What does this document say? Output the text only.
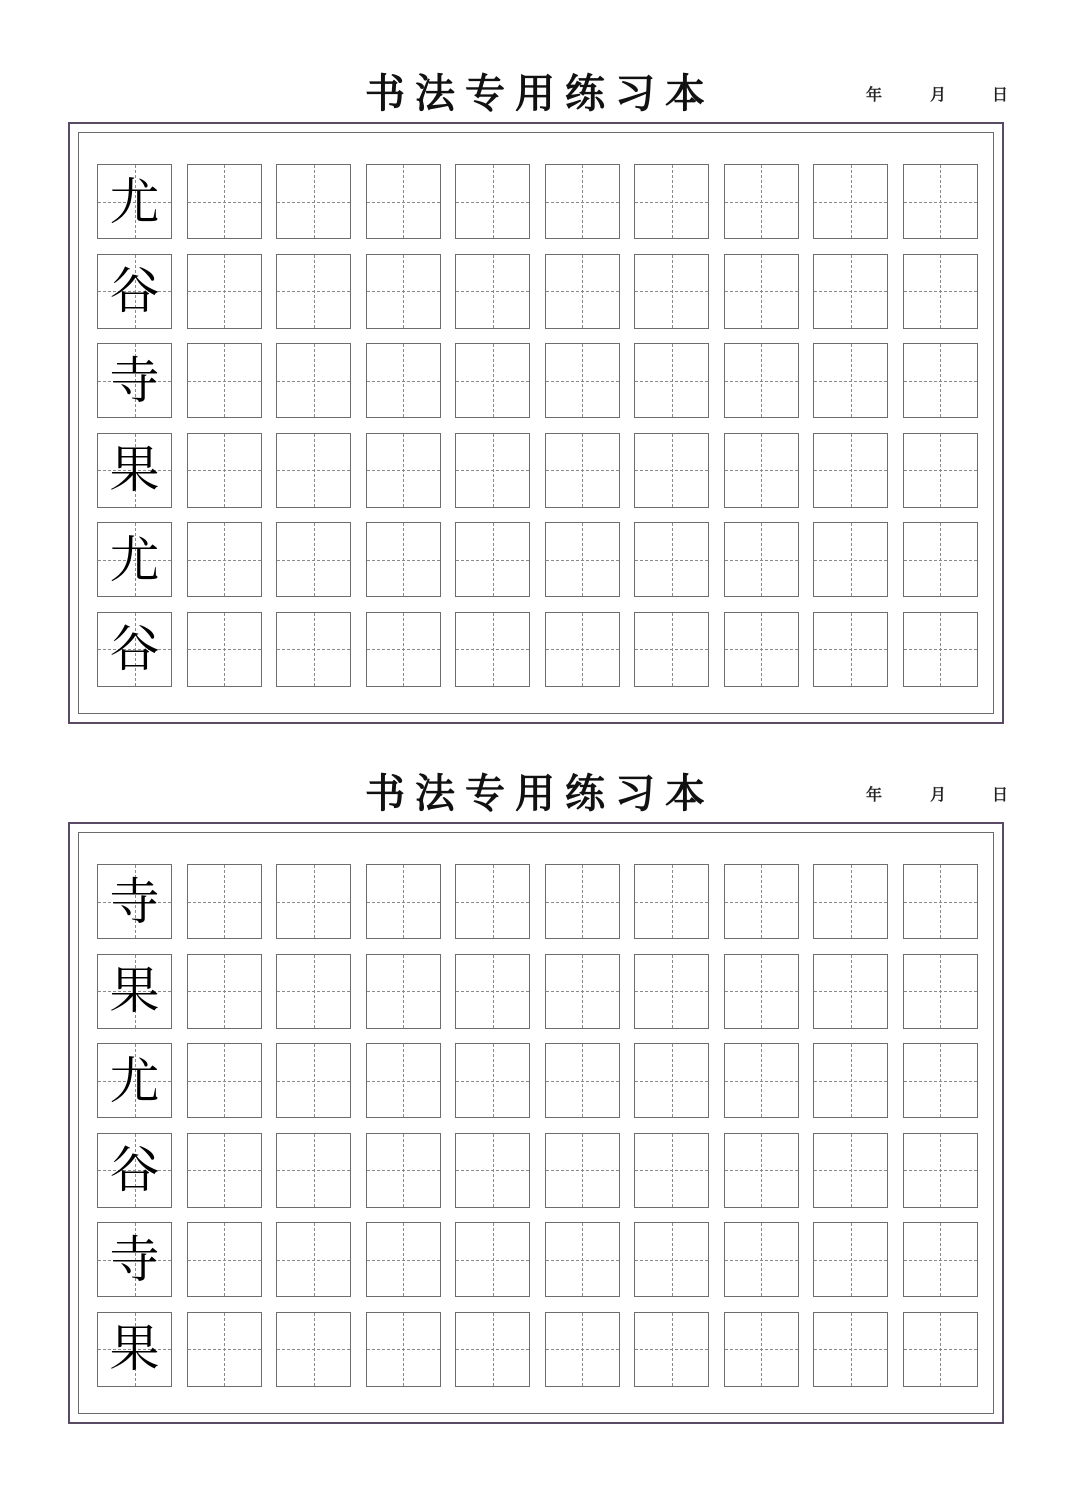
书法专用练习本	年	月	日
尤
谷
寺
果
尤
谷
书法专用练习本	年	月	日
寺
果
尤
谷
寺
果
